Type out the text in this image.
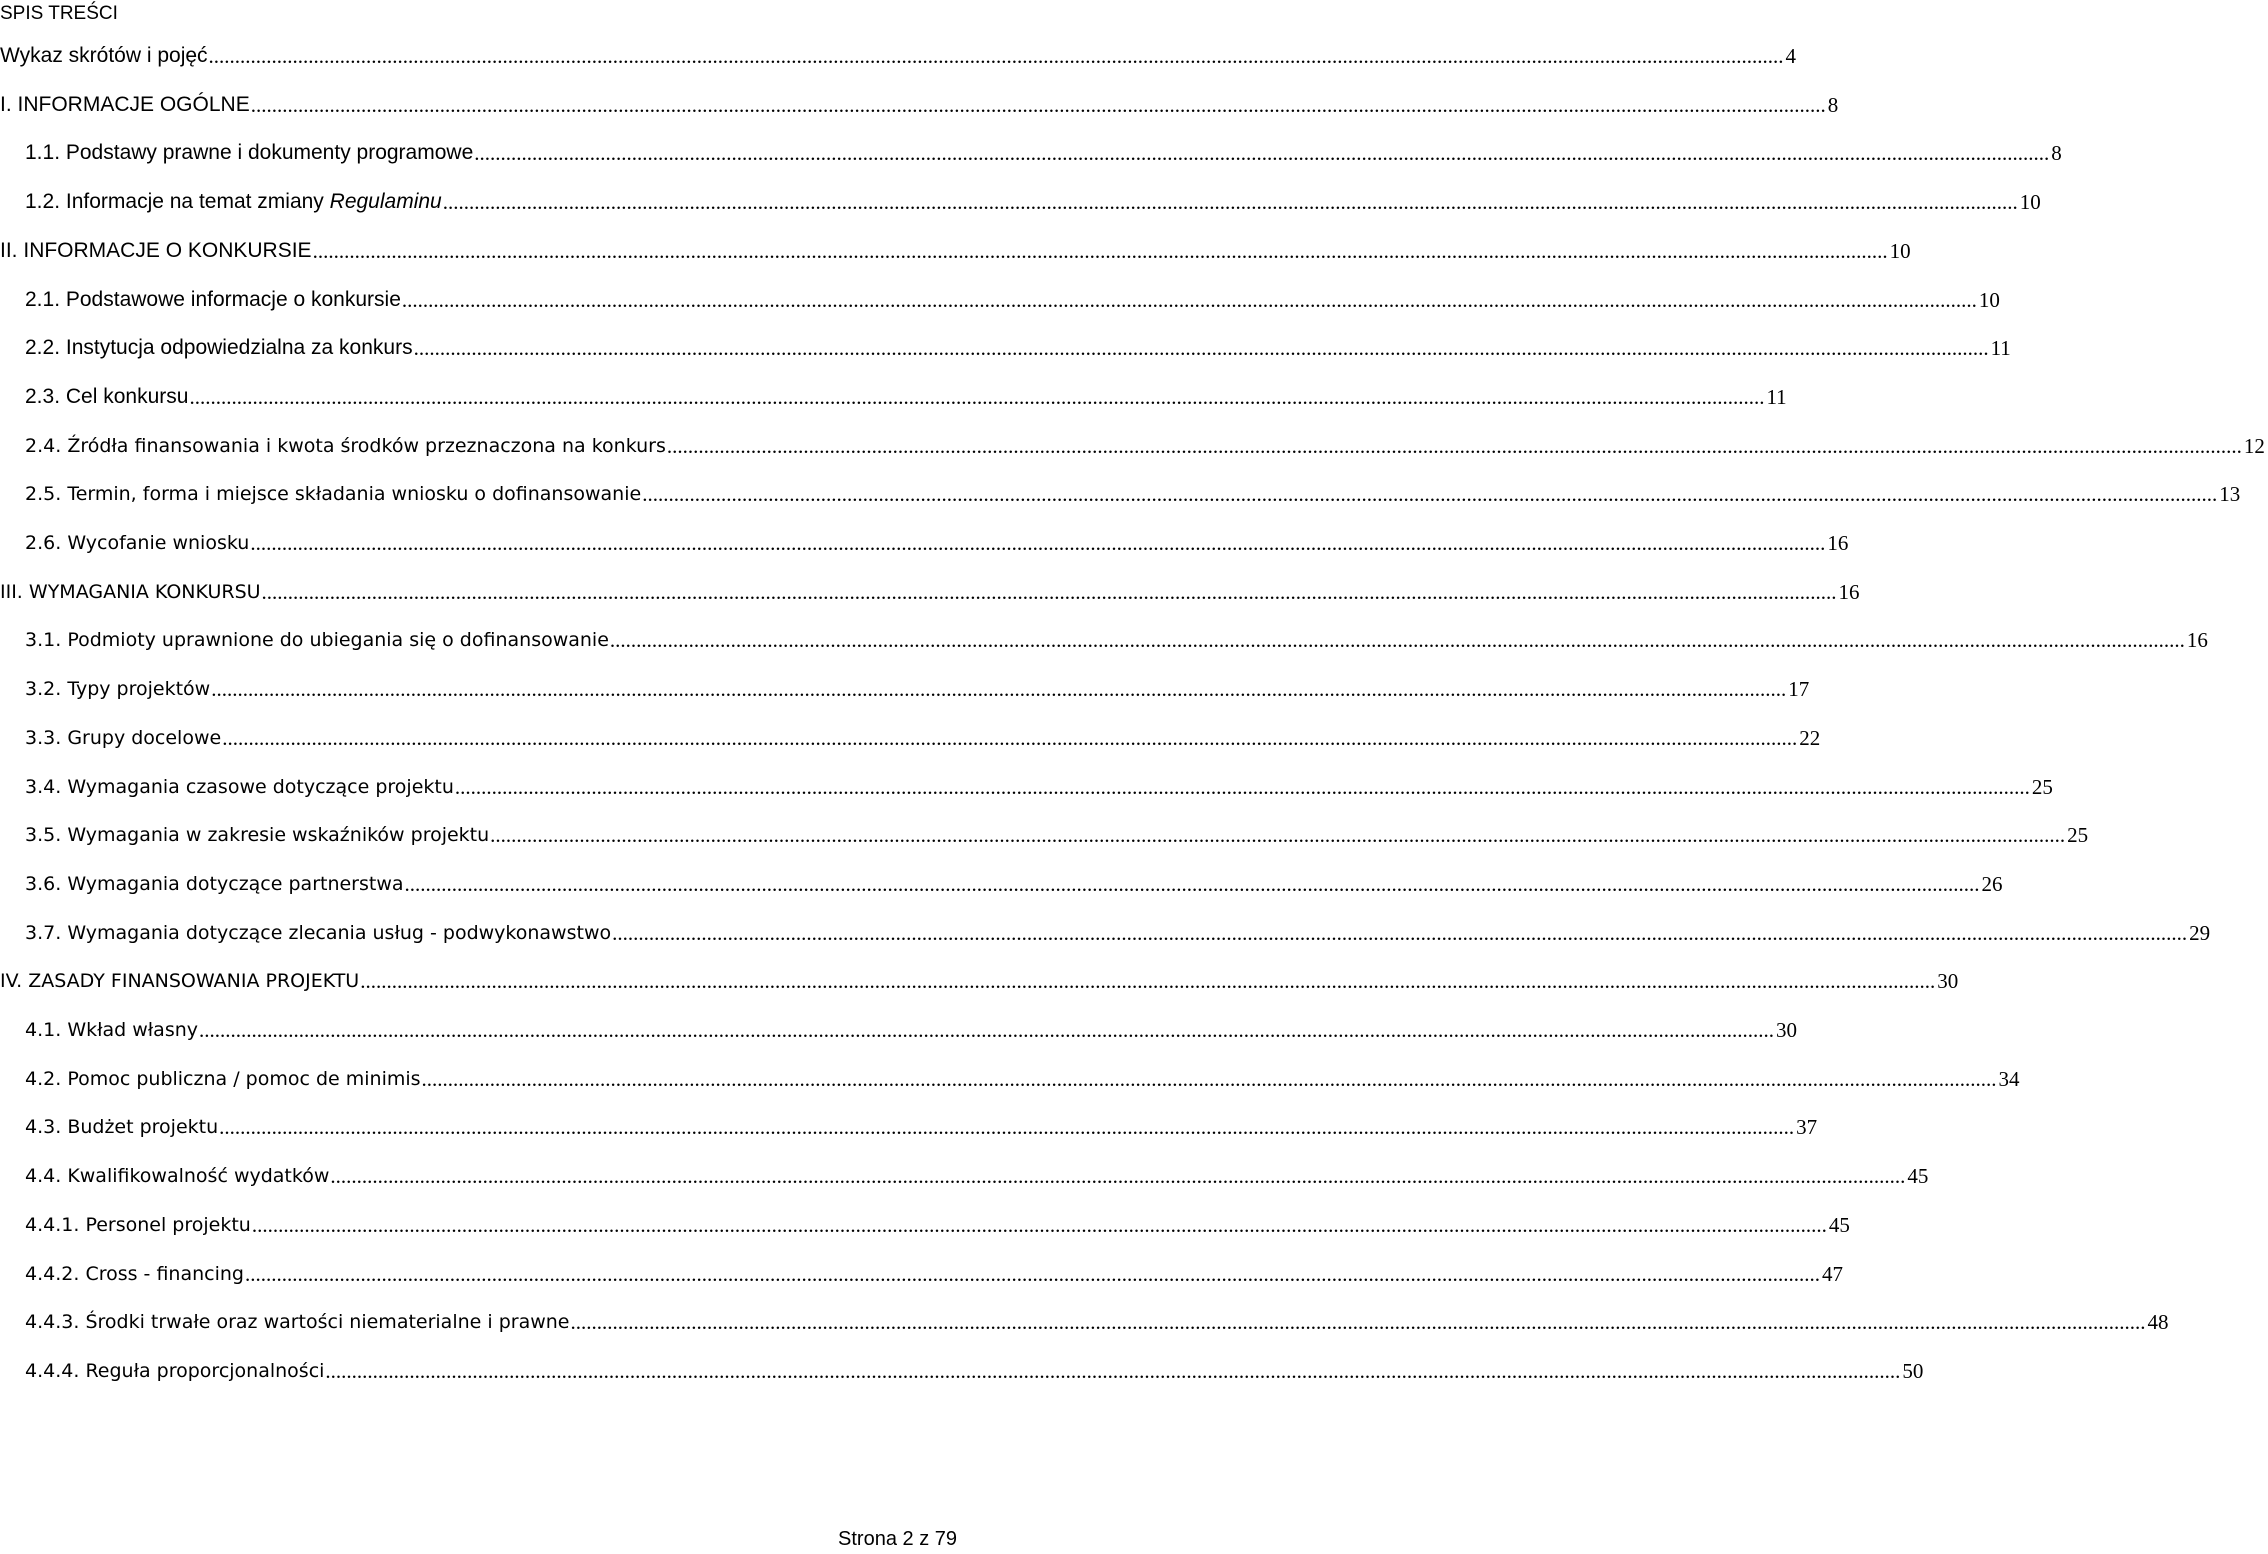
SPIS TREŚCI
Wykaz skrótów i pojęć ............................................................................................................................................................................................................................................................................................................ 4
I. INFORMACJE OGÓLNE ............................................................................................................................................................................................................................................................................................................ 8
1.1. Podstawy prawne i dokumenty programowe ............................................................................................................................................................................................................................................................................................................ 8
1.2. Informacje na temat zmiany Regulaminu ............................................................................................................................................................................................................................................................................................................ 10
II. INFORMACJE O KONKURSIE ............................................................................................................................................................................................................................................................................................................ 10
2.1. Podstawowe informacje o konkursie ............................................................................................................................................................................................................................................................................................................ 10
2.2. Instytucja odpowiedzialna za konkurs ............................................................................................................................................................................................................................................................................................................ 11
2.3. Cel konkursu ............................................................................................................................................................................................................................................................................................................ 11
2.4. Źródła finansowania i kwota środków przeznaczona na konkurs ............................................................................................................................................................................................................................................................................................................ 12
2.5. Termin, forma i miejsce składania wniosku o dofinansowanie ............................................................................................................................................................................................................................................................................................................ 13
2.6. Wycofanie wniosku ............................................................................................................................................................................................................................................................................................................ 16
III. WYMAGANIA KONKURSU ............................................................................................................................................................................................................................................................................................................ 16
3.1. Podmioty uprawnione do ubiegania się o dofinansowanie ............................................................................................................................................................................................................................................................................................................ 16
3.2. Typy projektów ............................................................................................................................................................................................................................................................................................................ 17
3.3. Grupy docelowe ............................................................................................................................................................................................................................................................................................................ 22
3.4. Wymagania czasowe dotyczące projektu ............................................................................................................................................................................................................................................................................................................ 25
3.5. Wymagania w zakresie wskaźników projektu ............................................................................................................................................................................................................................................................................................................ 25
3.6. Wymagania dotyczące partnerstwa ............................................................................................................................................................................................................................................................................................................ 26
3.7. Wymagania dotyczące zlecania usług - podwykonawstwo ............................................................................................................................................................................................................................................................................................................ 29
IV. ZASADY FINANSOWANIA PROJEKTU ............................................................................................................................................................................................................................................................................................................ 30
4.1. Wkład własny ............................................................................................................................................................................................................................................................................................................ 30
4.2. Pomoc publiczna / pomoc de minimis ............................................................................................................................................................................................................................................................................................................ 34
4.3. Budżet projektu ............................................................................................................................................................................................................................................................................................................ 37
4.4. Kwalifikowalność wydatków ............................................................................................................................................................................................................................................................................................................ 45
4.4.1. Personel projektu ............................................................................................................................................................................................................................................................................................................ 45
4.4.2. Cross - financing ............................................................................................................................................................................................................................................................................................................ 47
4.4.3. Środki trwałe oraz wartości niematerialne i prawne ............................................................................................................................................................................................................................................................................................................ 48
4.4.4. Reguła proporcjonalności ............................................................................................................................................................................................................................................................................................................ 50
Strona 2 z 79
